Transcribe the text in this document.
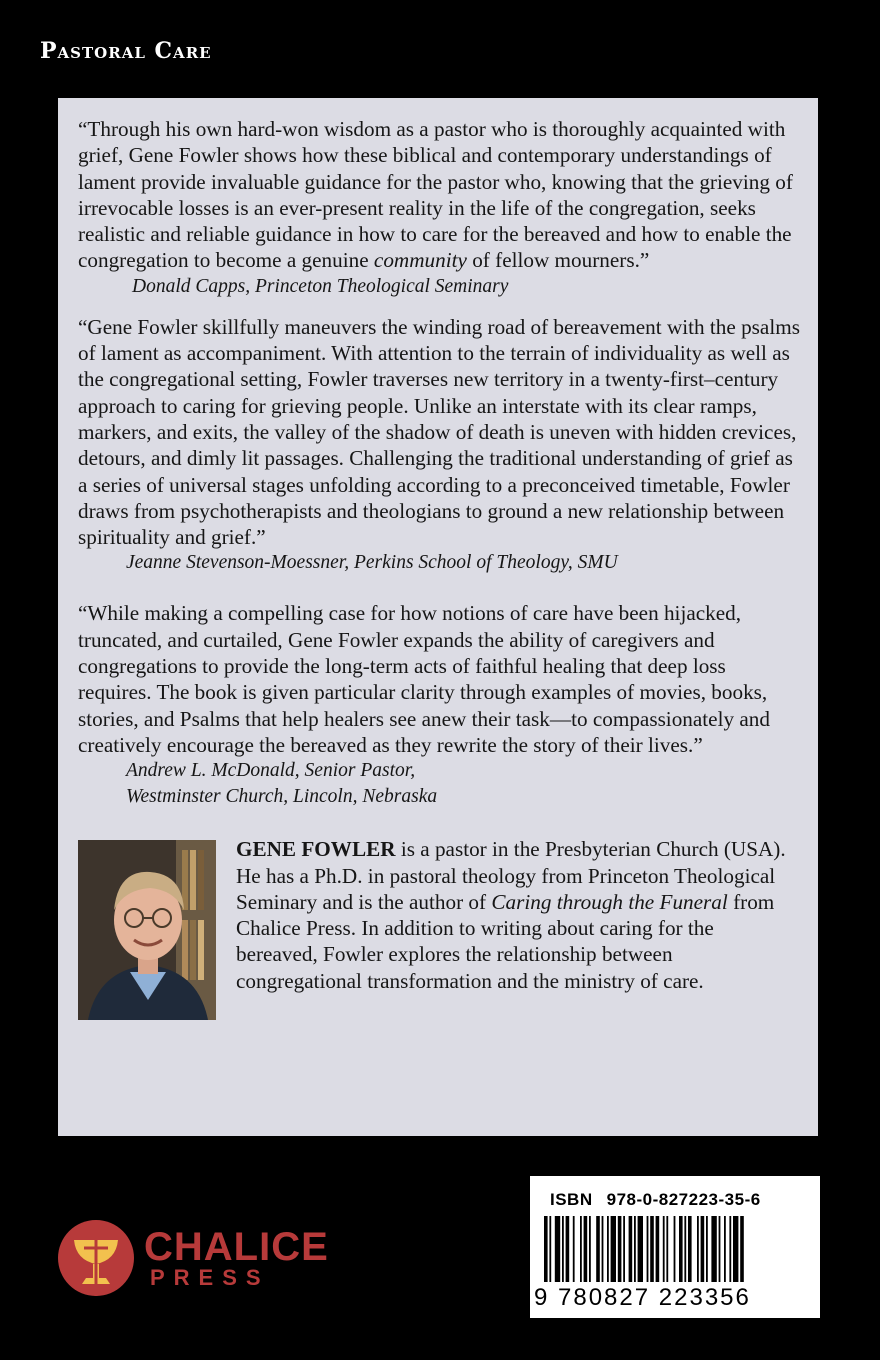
Pastoral Care

“Through his own hard-won wisdom as a pastor who is thoroughly acquainted with grief, Gene Fowler shows how these biblical and contemporary understandings of lament provide invaluable guidance for the pastor who, knowing that the grieving of irrevocable losses is an ever-present reality in the life of the congregation, seeks realistic and reliable guidance in how to care for the bereaved and how to enable the congregation to become a genuine community of fellow mourners.”

Donald Capps, Princeton Theological Seminary

“Gene Fowler skillfully maneuvers the winding road of bereavement with the psalms of lament as accompaniment. With attention to the terrain of individuality as well as the congregational setting, Fowler traverses new territory in a twenty-first–century approach to caring for grieving people. Unlike an interstate with its clear ramps, markers, and exits, the valley of the shadow of death is uneven with hidden crevices, detours, and dimly lit passages. Challenging the traditional understanding of grief as a series of universal stages unfolding according to a preconceived timetable, Fowler draws from psychotherapists and theologians to ground a new relationship between spirituality and grief.”

Jeanne Stevenson-Moessner, Perkins School of Theology, SMU

“While making a compelling case for how notions of care have been hijacked, truncated, and curtailed, Gene Fowler expands the ability of caregivers and congregations to provide the long-term acts of faithful healing that deep loss requires. The book is given particular clarity through examples of movies, books, stories, and Psalms that help healers see anew their task—to compassionately and creatively encourage the bereaved as they rewrite the story of their lives.”

Andrew L. McDonald, Senior Pastor,

Westminster Church, Lincoln, Nebraska

GENE FOWLER is a pastor in the Presbyterian Church (USA). He has a Ph.D. in pastoral theology from Princeton Theological Seminary and is the author of Caring through the Funeral from Chalice Press. In addition to writing about caring for the bereaved, Fowler explores the relationship between congregational transformation and the ministry of care.

CHALICE
PRESS
ISBN 978-0-827223-35-6
9 780827 223356
